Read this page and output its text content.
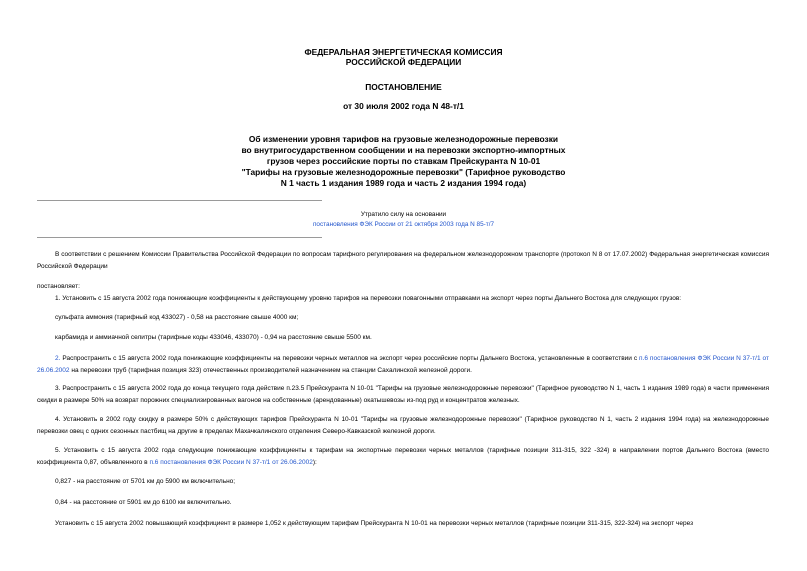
ФЕДЕРАЛЬНАЯ ЭНЕРГЕТИЧЕСКАЯ КОМИССИЯ
РОССИЙСКОЙ ФЕДЕРАЦИИ
ПОСТАНОВЛЕНИЕ
от 30 июля 2002 года N 48-т/1
Об изменении уровня тарифов на грузовые железнодорожные перевозки
во внутригосударственном сообщении и на перевозки экспортно-импортных
грузов через российские порты по ставкам Прейскуранта N 10-01
"Тарифы на грузовые железнодорожные перевозки" (Тарифное руководство
N 1 часть 1 издания 1989 года и часть 2 издания 1994 года)
Утратило силу на основании
постановления ФЭК России от 21 октября 2003 года N 85-т/7
В соответствии с решением Комиссии Правительства Российской Федерации по вопросам тарифного регулирования на федеральном железнодорожном транспорте (протокол N 8 от 17.07.2002) Федеральная энергетическая комиссия Российской Федерации
постановляет:
1. Установить с 15 августа 2002 года понижающие коэффициенты к действующему уровню тарифов на перевозки повагонными отправками на экспорт через порты Дальнего Востока для следующих грузов:
сульфата аммония (тарифный код 433027) - 0,58 на расстояние свыше 4000 км;
карбамида и аммиачной селитры (тарифные коды 433046, 433070) - 0,94 на расстояние свыше 5500 км.
2. Распространить с 15 августа 2002 года понижающие коэффициенты на перевозки черных металлов на экспорт через российские порты Дальнего Востока, установленные в соответствии с п.6 постановления ФЭК России N 37-т/1 от 26.06.2002 на перевозки труб (тарифная позиция 323) отечественных производителей назначением на станции Сахалинской железной дороги.
3. Распространить с 15 августа 2002 года до конца текущего года действие п.23.5 Прейскуранта N 10-01 "Тарифы на грузовые железнодорожные перевозки" (Тарифное руководство N 1, часть 1 издания 1989 года) в части применения скидки в размере 50% на возврат порожних специализированных вагонов на собственные (арендованные) окатышевозы из-под руд и концентратов железных.
4. Установить в 2002 году скидку в размере 50% с действующих тарифов Прейскуранта N 10-01 "Тарифы на грузовые железнодорожные перевозки" (Тарифное руководство N 1, часть 2 издания 1994 года) на железнодорожные перевозки овец с одних сезонных пастбищ на другие в пределах Махачкалинского отделения Северо-Кавказской железной дороги.
5. Установить с 15 августа 2002 года следующие понижающие коэффициенты к тарифам на экспортные перевозки черных металлов (тарифные позиции 311-315, 322 -324) в направлении портов Дальнего Востока (вместо коэффициента 0,87, объявленного в п.6 постановления ФЭК России N 37-т/1 от 26.06.2002):
0,827 - на расстояние от 5701 км до 5900 км включительно;
0,84 - на расстояние от 5901 км до 6100 км включительно.
Установить с 15 августа 2002 повышающий коэффициент в размере 1,052 к действующим тарифам Прейскуранта N 10-01 на перевозки черных металлов (тарифные позиции 311-315, 322-324) на экспорт через
